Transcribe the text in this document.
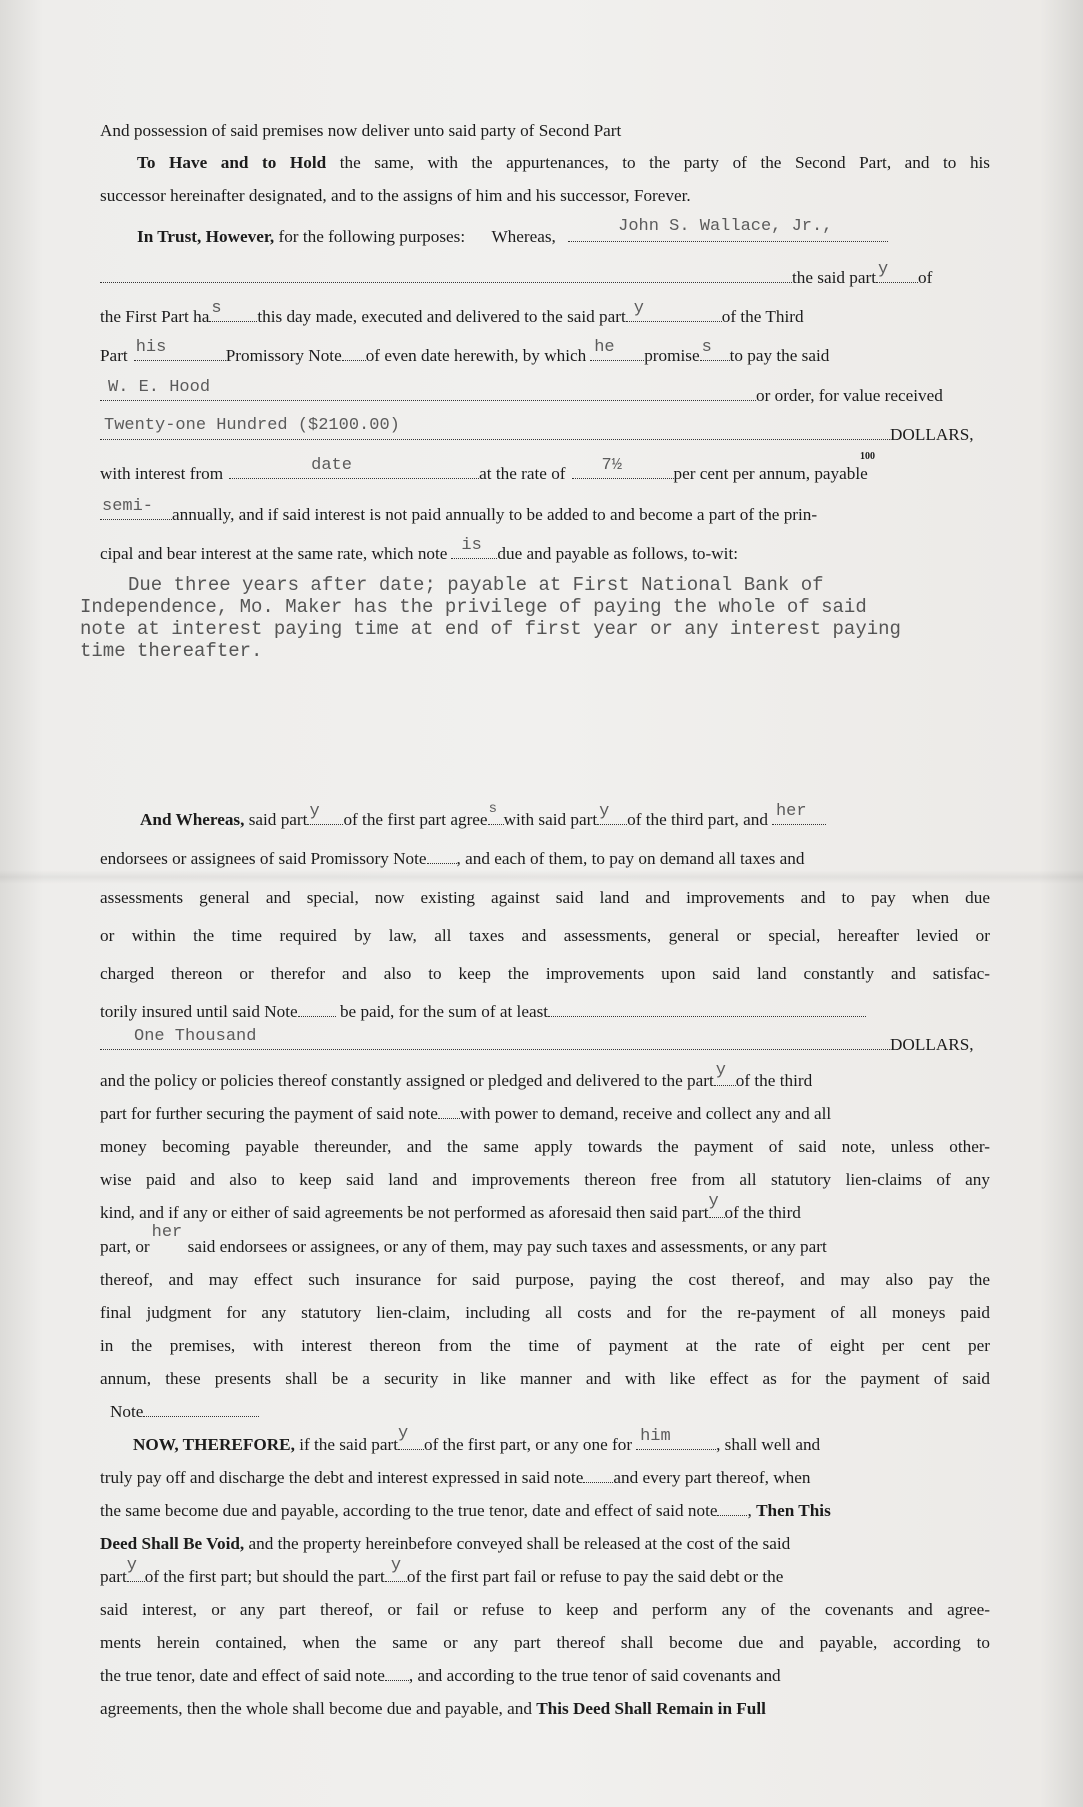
And possession of said premises now deliver unto said party of Second Part
To Have and to Hold the same, with the appurtenances, to the party of the Second Part, and to his
successor hereinafter designated, and to the assigns of him and his successor, Forever.
In Trust, However, for the following purposes: Whereas,
John S. Wallace, Jr.,
the said part y of
the First Part ha s this day made, executed and delivered to the said part y	of the Third
Part his	Promissory Note of even date herewith, by which he promise s to pay the said
W. E. Hood	or order, for value received
Twenty-one Hundred ($2100.00)	DOLLARS,
100
with interest from	date	at the rate of 7½	per cent per annum, payable
semi- annually, and if said interest is not paid annually to be added to and become a part of the prin-
cipal and bear interest at the same rate, which note is due and payable as follows, to-wit:
Due three years after date; payable at First National Bank of
Independence, Mo. Maker has the privilege of paying the whole of said
note at interest paying time at end of first year or any interest paying
time thereafter.
And Whereas, said part y of the first part agree
s
with said part y of the third part, and her
endorsees or assignees of said Promissory Note , and each of them, to pay on demand all taxes and
assessments general and special, now existing against said land and improvements and to pay when due
or within the time required by law, all taxes and assessments, general or special, hereafter levied or
charged thereon or therefor and also to keep the improvements upon said land constantly and satisfac-
torily insured until said Note be paid, for the sum of at least
One Thousand	DOLLARS,
and the policy or policies thereof constantly assigned or pledged and delivered to the part
y
of the third
part for further securing the payment of said note with power to demand, receive and collect any and all
money becoming payable thereunder, and the same apply towards the payment of said note, unless other-
wise paid and also to keep said land and improvements thereon free from all statutory lien-claims of any
kind, and if any or either of said agreements be not performed as aforesaid then said part
y
of the third
part, or
her
said endorsees or assignees, or any of them, may pay such taxes and assessments, or any part
thereof, and may effect such insurance for said purpose, paying the cost thereof, and may also pay the
final judgment for any statutory lien-claim, including all costs and for the re-payment of all moneys paid
in the premises, with interest thereon from the time of payment at the rate of eight per cent per
annum, these presents shall be a security in like manner and with like effect as for the payment of said
Note
NOW, THEREFORE, if the said part
y
of the first part, or any one for him	, shall well and
truly pay off and discharge the debt and interest expressed in said note and every part thereof, when
the same become due and payable, according to the true tenor, date and effect of said note , Then This
Deed Shall Be Void, and the property hereinbefore conveyed shall be released at the cost of the said
part
y
of the first part; but should the part
y
of the first part fail or refuse to pay the said debt or the
said interest, or any part thereof, or fail or refuse to keep and perform any of the covenants and agree-
ments herein contained, when the same or any part thereof shall become due and payable, according to
the true tenor, date and effect of said note , and according to the true tenor of said covenants and
agreements, then the whole shall become due and payable, and This Deed Shall Remain in Full
